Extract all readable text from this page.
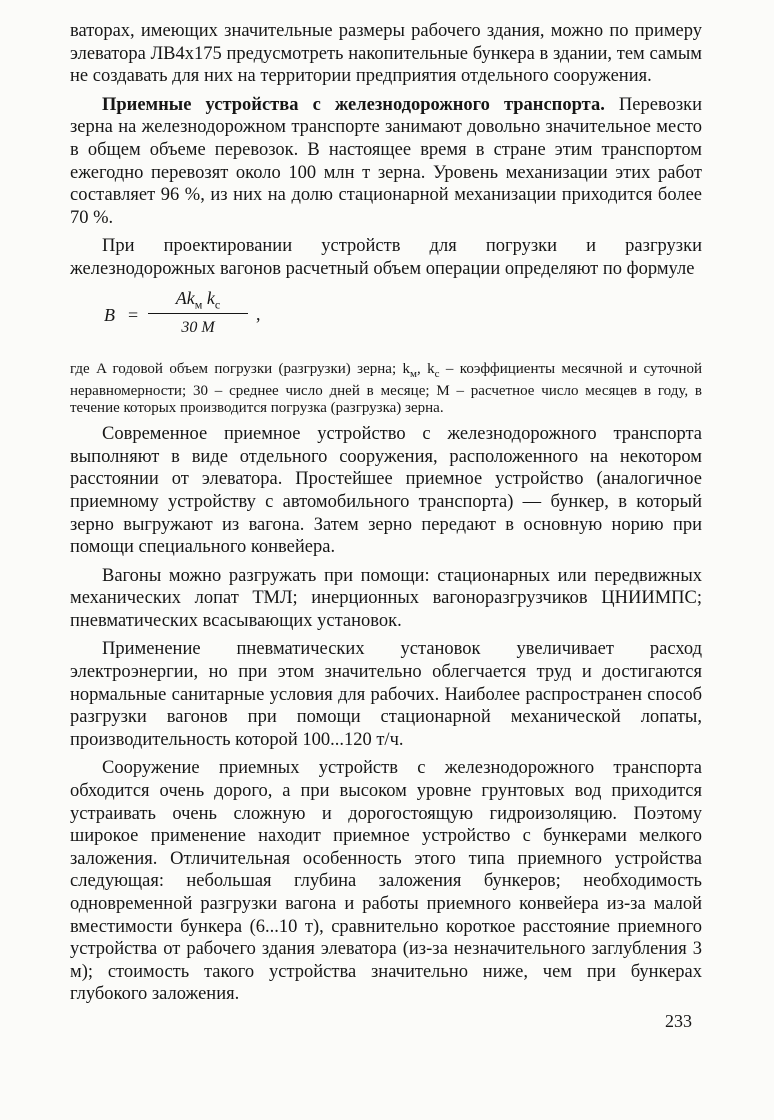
ваторах, имеющих значительные размеры рабочего здания, можно по примеру элеватора ЛВ4x175 предусмотреть накопительные бункера в здании, тем самым не создавать для них на территории предприятия отдельного сооружения.

Приемные устройства с железнодорожного транспорта. Перевозки зерна на железнодорожном транспорте занимают довольно значительное место в общем объеме перевозок. В настоящее время в стране этим транспортом ежегодно перевозят около 100 млн т зерна. Уровень механизации этих работ составляет 96 %, из них на долю стационарной механизации приходится более 70 %.

При проектировании устройств для погрузки и разгрузки железнодорожных вагонов расчетный объем операции определяют по формуле

B =
$Ak_м$ $k_с$
30 M
,

где A годовой объем погрузки (разгрузки) зерна; $k_м$, $k_с$ – коэффициенты месячной и суточной неравномерности; 30 – среднее число дней в месяце; M – расчетное число месяцев в году, в течение которых производится погрузка (разгрузка) зерна.

Современное приемное устройство с железнодорожного транспорта выполняют в виде отдельного сооружения, расположенного на некотором расстоянии от элеватора. Простейшее приемное устройство (аналогичное приемному устройству с автомобильного транспорта) — бункер, в который зерно выгружают из вагона. Затем зерно передают в основную норию при помощи специального конвейера.

Вагоны можно разгружать при помощи: стационарных или передвижных механических лопат ТМЛ; инерционных вагоноразгрузчиков ЦНИИМПС; пневматических всасывающих установок.

Применение пневматических установок увеличивает расход электроэнергии, но при этом значительно облегчается труд и достигаются нормальные санитарные условия для рабочих. Наиболее распространен способ разгрузки вагонов при помощи стационарной механической лопаты, производительность которой 100...120 т/ч.

Сооружение приемных устройств с железнодорожного транспорта обходится очень дорого, а при высоком уровне грунтовых вод приходится устраивать очень сложную и дорогостоящую гидроизоляцию. Поэтому широкое применение находит приемное устройство с бункерами мелкого заложения. Отличительная особенность этого типа приемного устройства следующая: небольшая глубина заложения бункеров; необходимость одновременной разгрузки вагона и работы приемного конвейера из-за малой вместимости бункера (6...10 т), сравнительно короткое расстояние приемного устройства от рабочего здания элеватора (из-за незначительного заглубления 3 м); стоимость такого устройства значительно ниже, чем при бункерах глубокого заложения.

233
